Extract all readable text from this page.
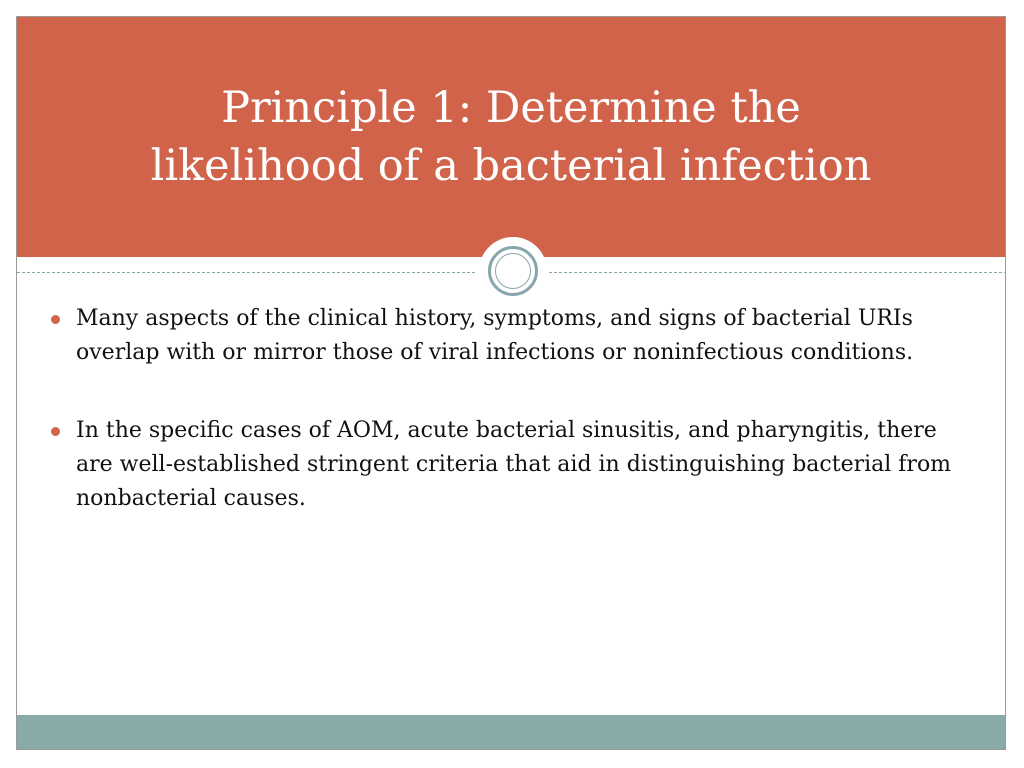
Principle 1: Determine the
likelihood of a bacterial infection
Many aspects of the clinical history, symptoms, and signs of bacterial URIs overlap with or mirror those of viral infections or noninfectious conditions.
In the specific cases of AOM, acute bacterial sinusitis, and pharyngitis, there are well-established stringent criteria that aid in distinguishing bacterial from nonbacterial causes.
